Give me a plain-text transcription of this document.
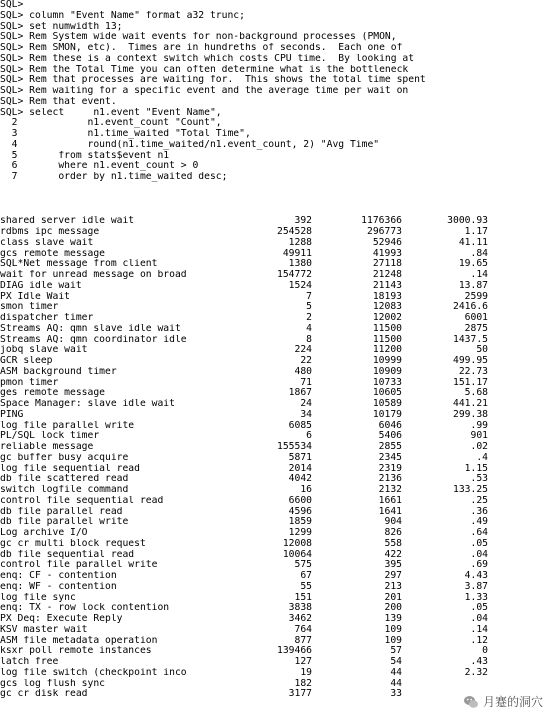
SQL>
SQL> column "Event Name" format a32 trunc;
SQL> set numwidth 13;
SQL> Rem System wide wait events for non-background processes (PMON,
SQL> Rem SMON, etc).  Times are in hundreths of seconds.  Each one of
SQL> Rem these is a context switch which costs CPU time.  By looking at
SQL> Rem the Total Time you can often determine what is the bottleneck
SQL> Rem that processes are waiting for.  This shows the total time spent
SQL> Rem waiting for a specific event and the average time per wait on
SQL> Rem that event.
SQL> select     n1.event "Event Name",
2            n1.event_count "Count",
3            n1.time_waited "Total Time",
4            round(n1.time_waited/n1.event_count, 2) "Avg Time"
5       from stats$event n1
6       where n1.event_count > 0
7       order by n1.time_waited desc;

shared server idle wait	392	1176366	3000.93
rdbms ipc message	254528	296773	1.17
class slave wait	1288	52946	41.11
gcs remote message	49911	41993	.84
SQL*Net message from client	1380	27118	19.65
wait for unread message on broad	154772	21248	.14
DIAG idle wait	1524	21143	13.87
PX Idle Wait	7	18193	2599
smon timer	5	12083	2416.6
dispatcher timer	2	12002	6001
Streams AQ: qmn slave idle wait	4	11500	2875
Streams AQ: qmn coordinator idle	8	11500	1437.5
jobq slave wait	224	11200	50
GCR sleep	22	10999	499.95
ASM background timer	480	10909	22.73
pmon timer	71	10733	151.17
ges remote message	1867	10605	5.68
Space Manager: slave idle wait	24	10589	441.21
PING	34	10179	299.38
log file parallel write	6085	6046	.99
PL/SQL lock timer	6	5406	901
reliable message	155534	2855	.02
gc buffer busy acquire	5871	2345	.4
log file sequential read	2014	2319	1.15
db file scattered read	4042	2136	.53
switch logfile command	16	2132	133.25
control file sequential read	6600	1661	.25
db file parallel read	4596	1641	.36
db file parallel write	1859	904	.49
Log archive I/O	1299	826	.64
gc cr multi block request	12008	558	.05
db file sequential read	10064	422	.04
control file parallel write	575	395	.69
enq: CF - contention	67	297	4.43
enq: WF - contention	55	213	3.87
log file sync	151	201	1.33
enq: TX - row lock contention	3838	200	.05
PX Deq: Execute Reply	3462	139	.04
KSV master wait	764	109	.14
ASM file metadata operation	877	109	.12
ksxr poll remote instances	139466	57	0
latch free	127	54	.43
log file switch (checkpoint inco	19	44	2.32
gcs log flush sync	182	44
gc cr disk read	3177	33
月蹇的洞穴
